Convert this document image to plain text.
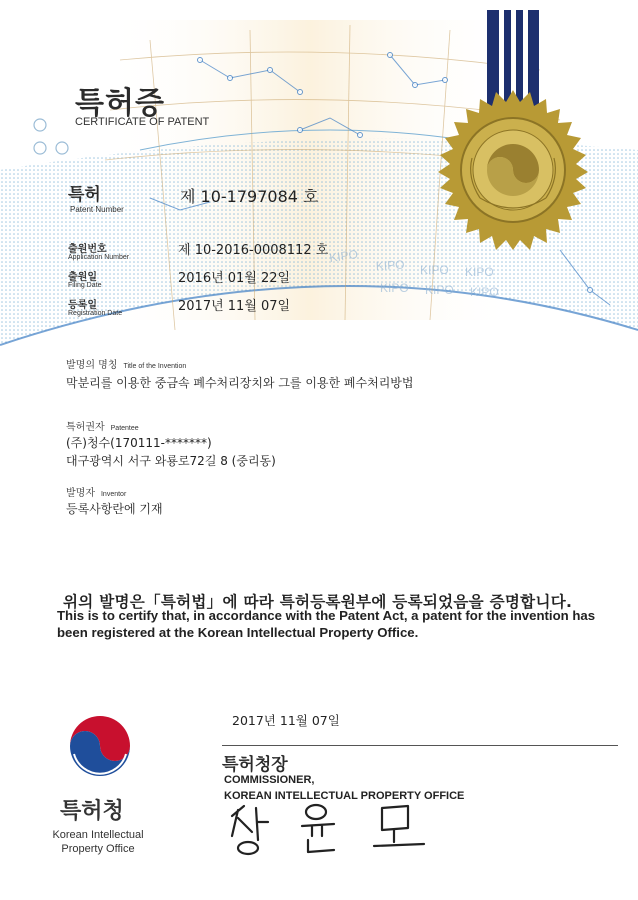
KIPO
KIPO KIPO KIPO
KIPO KIPO KIPO
특허증
CERTIFICATE OF PATENT
특허
Patent Number
제 10-1797084 호
출원번호
Application Number	제 10-2016-0008112 호
출원일
Filing Date	2016년 01월 22일
등록일
Registration Date	2017년 11월 07일
발명의 명칭 Title of the Invention
막분리를 이용한 중금속 폐수처리장치와 그를 이용한 폐수처리방법
특허권자 Patentee
(주)청수(170111-*******)
대구광역시 서구 와룡로72길 8 (중리동)
발명자 Inventor
등록사항란에 기재
위의 발명은「특허법」에 따라 특허등록원부에 등록되었음을 증명합니다.
This is to certify that, in accordance with the Patent Act, a patent for the invention has been registered at the Korean Intellectual Property Office.
특허청
Korean Intellectual Property Office
2017년 11월 07일
특허청장
COMMISSIONER,
KOREAN INTELLECTUAL PROPERTY OFFICE
